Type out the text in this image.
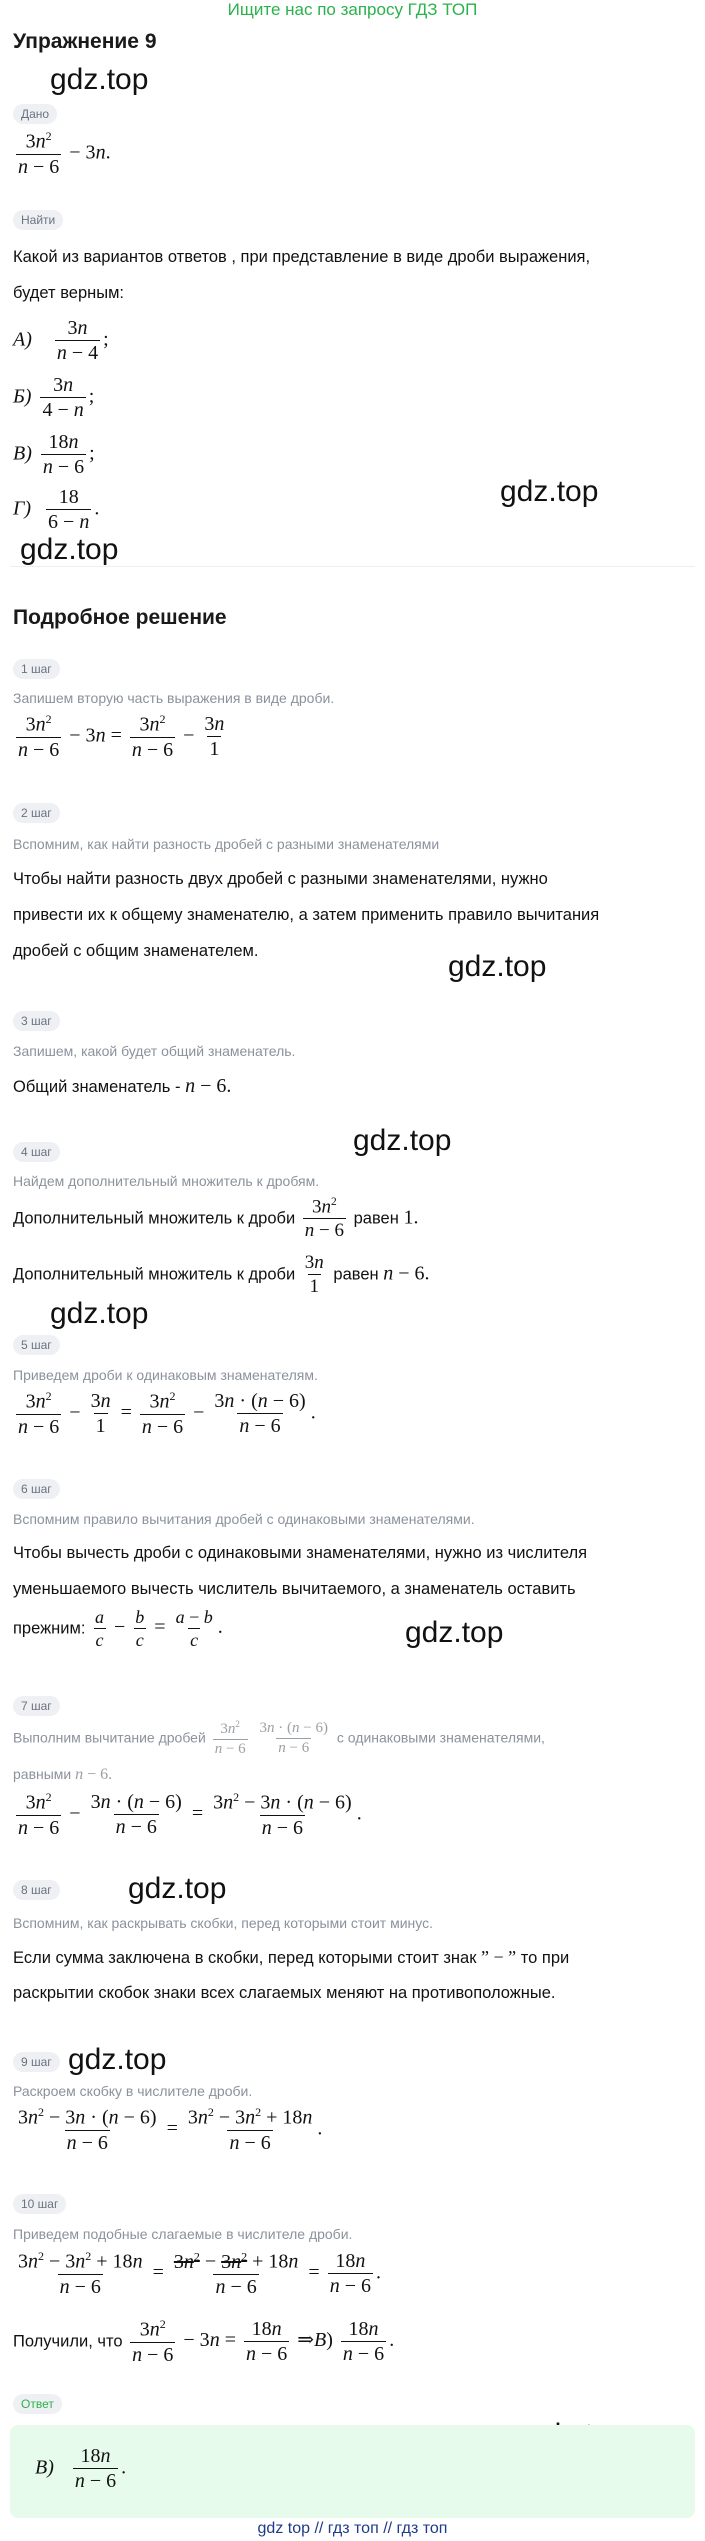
Ищите нас по запросу ГДЗ ТОП
Упражнение 9
gdz.top
gdz.top
gdz.top
gdz.top
gdz.top
gdz.top
gdz.top
gdz.top
gdz.top
Дано
$\frac{3n^2}{n - 6} - 3n$.
Найти
Какой из вариантов ответов , при представление в виде дроби выражения,
будет верным:
$А) \frac{3n}{n - 4}$ ;
$Б) \frac{3n}{4 - n}$ ;
$В) \frac{18n}{n - 6}$ ;
$Г) \frac{18}{6 - n}$ .
Подробное решение
1 шаг
Запишем вторую часть выражения в виде дроби.
$\frac{3n^2}{n - 6} - 3n = \frac{3n^2}{n - 6} - \frac{3n}{1}$
2 шаг
Вспомним, как найти разность дробей с разными знаменателями
Чтобы найти разность двух дробей с разными знаменателями, нужно
привести их к общему знаменателю, а затем применить правило вычитания
дробей с общим знаменателем.
3 шаг
Запишем, какой будет общий знаменатель.
Общий знаменатель - n − 6.
4 шаг
Найдем дополнительный множитель к дробям.
Дополнительный множитель к дроби $\frac{3n^2}{n - 6}$ равен 1.
Дополнительный множитель к дроби $\frac{3n}{1}$ равен n − 6.
5 шаг
Приведем дроби к одинаковым знаменателям.
$\frac{3n^2}{n - 6} - \frac{3n}{1} = \frac{3n^2}{n - 6} - \frac{3n \cdot (n - 6)}{n - 6}$ .
6 шаг
Вспомним правило вычитания дробей с одинаковыми знаменателями.
Чтобы вычесть дроби с одинаковыми знаменателями, нужно из числителя
уменьшаемого вычесть числитель вычитаемого, а знаменатель оставить
прежним: $\frac{a}{c} - \frac{b}{c} = \frac{a - b}{c}$ .
7 шаг
Выполним вычитание дробей $\frac{3n^2}{n - 6}$
$\frac{3n \cdot (n - 6)}{n - 6}$ с одинаковыми знаменателями,
равными n − 6.
$\frac{3n^2}{n - 6} - \frac{3n \cdot (n - 6)}{n - 6} = \frac{3n^2 - 3n \cdot (n - 6)}{n - 6}$ .
8 шаг
Вспомним, как раскрывать скобки, перед которыми стоит минус.
Если сумма заключена в скобки, перед которыми стоит знак ” − ” то при
раскрытии скобок знаки всех слагаемых меняют на противоположные.
9 шаг
Раскроем скобку в числителе дроби.
$\frac{3n^2 - 3n \cdot (n - 6)}{n - 6} = \frac{3n^2 - 3n^2 + 18n}{n - 6}$ .
10 шаг
Приведем подобные слагаемые в числителе дроби.
$\frac{3n^2 - 3n^2 + 18n}{n - 6} = \frac{3n^2 - 3n^2 + 18n}{n - 6} = \frac{18n}{n - 6}$ .
Получили, что $\frac{3n^2}{n - 6} - 3n = \frac{18n}{n - 6}$ ⇒В) $\frac{18n}{n - 6}$ .
Ответ
$В) \frac{18n}{n - 6}$ .
gdz top // гдз топ // гдз топ
